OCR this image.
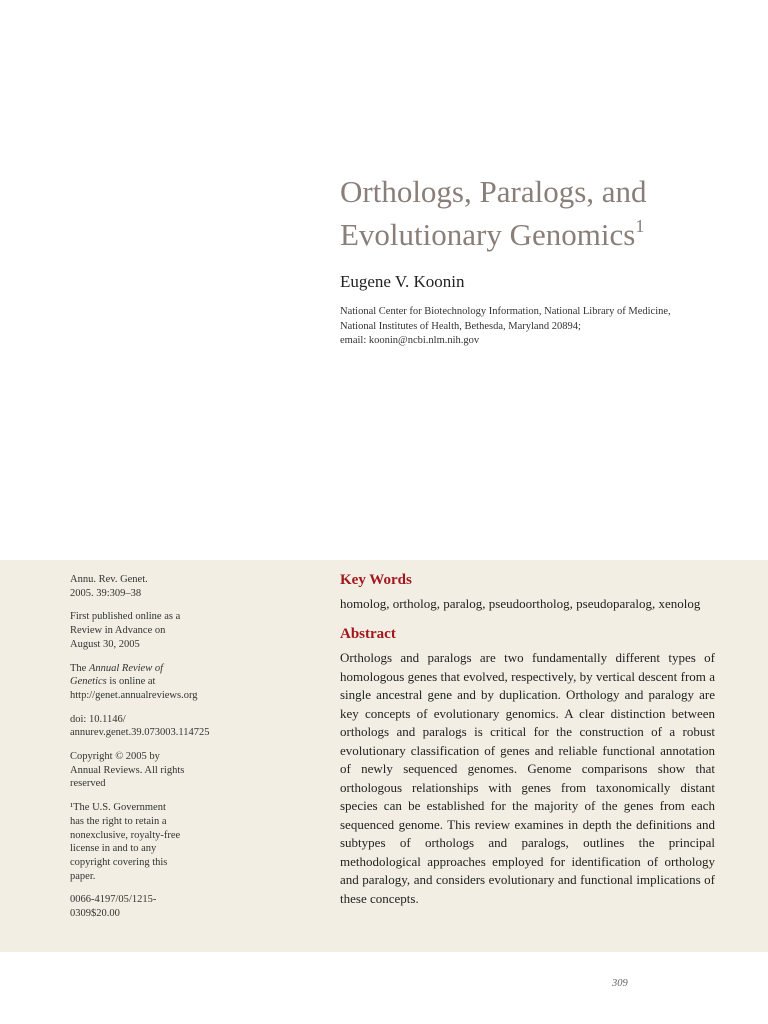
Orthologs, Paralogs, and Evolutionary Genomics$^1$
Eugene V. Koonin
National Center for Biotechnology Information, National Library of Medicine,
National Institutes of Health, Bethesda, Maryland 20894;
email: koonin@ncbi.nlm.nih.gov

Annu. Rev. Genet.
2005. 39:309–38

First published online as a
Review in Advance on
August 30, 2005

The Annual Review of
Genetics is online at
http://genet.annualreviews.org

doi: 10.1146/
annurev.genet.39.073003.114725

Copyright © 2005 by
Annual Reviews. All rights
reserved

¹The U.S. Government
has the right to retain a
nonexclusive, royalty-free
license in and to any
copyright covering this
paper.

0066-4197/05/1215-
0309$20.00

Key Words

homolog, ortholog, paralog, pseudoortholog, pseudoparalog, xenolog

Abstract

Orthologs and paralogs are two fundamentally different types of homologous genes that evolved, respectively, by vertical descent from a single ancestral gene and by duplication. Orthology and paralogy are key concepts of evolutionary genomics. A clear distinction between orthologs and paralogs is critical for the construction of a robust evolutionary classification of genes and reliable functional annotation of newly sequenced genomes. Genome comparisons show that orthologous relationships with genes from taxonomically distant species can be established for the majority of the genes from each sequenced genome. This review examines in depth the definitions and subtypes of orthologs and paralogs, outlines the principal methodological approaches employed for identification of orthology and paralogy, and considers evolutionary and functional implications of these concepts.

309
